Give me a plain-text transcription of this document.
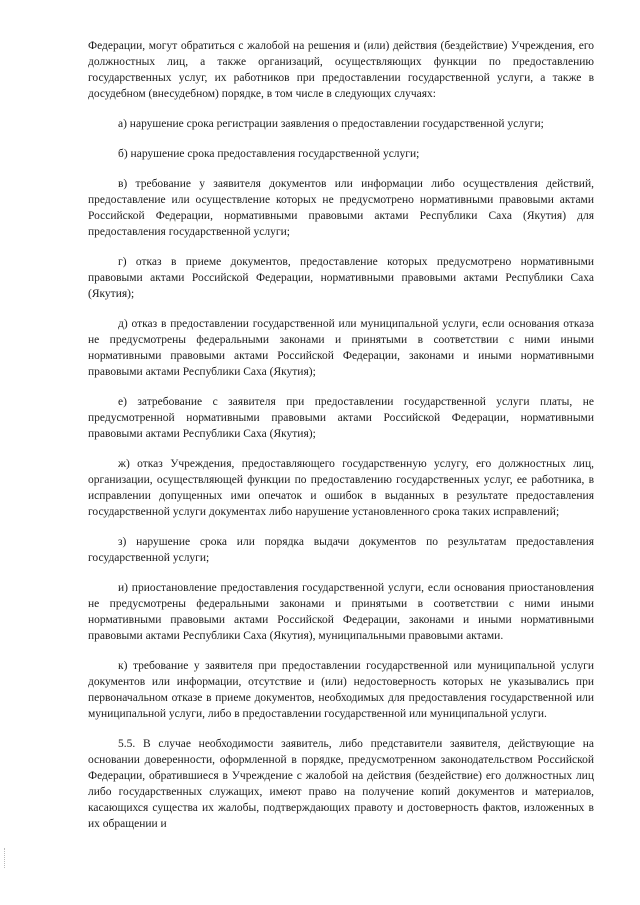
Федерации, могут обратиться с жалобой на решения и (или) действия (бездействие) Учреждения, его должностных лиц, а также организаций, осуществляющих функции по предоставлению государственных услуг, их работников при предоставлении государственной услуги, а также в досудебном (внесудебном) порядке, в том числе в следующих случаях:

а) нарушение срока регистрации заявления о предоставлении государственной услуги;

б) нарушение срока предоставления государственной услуги;

в) требование у заявителя документов или информации либо осуществления действий, предоставление или осуществление которых не предусмотрено нормативными правовыми актами Российской Федерации, нормативными правовыми актами Республики Саха (Якутия) для предоставления государственной услуги;

г) отказ в приеме документов, предоставление которых предусмотрено нормативными правовыми актами Российской Федерации, нормативными правовыми актами Республики Саха (Якутия);

д) отказ в предоставлении государственной или муниципальной услуги, если основания отказа не предусмотрены федеральными законами и принятыми в соответствии с ними иными нормативными правовыми актами Российской Федерации, законами и иными нормативными правовыми актами Республики Саха (Якутия);

е) затребование с заявителя при предоставлении государственной услуги платы, не предусмотренной нормативными правовыми актами Российской Федерации, нормативными правовыми актами Республики Саха (Якутия);

ж) отказ Учреждения, предоставляющего государственную услугу, его должностных лиц, организации, осуществляющей функции по предоставлению государственных услуг, ее работника, в исправлении допущенных ими опечаток и ошибок в выданных в результате предоставления государственной услуги документах либо нарушение установленного срока таких исправлений;

з) нарушение срока или порядка выдачи документов по результатам предоставления государственной услуги;

и) приостановление предоставления государственной услуги, если основания приостановления не предусмотрены федеральными законами и принятыми в соответствии с ними иными нормативными правовыми актами Российской Федерации, законами и иными нормативными правовыми актами Республики Саха (Якутия), муниципальными правовыми актами.

к) требование у заявителя при предоставлении государственной или муниципальной услуги документов или информации, отсутствие и (или) недостоверность которых не указывались при первоначальном отказе в приеме документов, необходимых для предоставления государственной или муниципальной услуги, либо в предоставлении государственной или муниципальной услуги.

5.5. В случае необходимости заявитель, либо представители заявителя, действующие на основании доверенности, оформленной в порядке, предусмотренном законодательством Российской Федерации, обратившиеся в Учреждение с жалобой на действия (бездействие) его должностных лиц либо государственных служащих, имеют право на получение копий документов и материалов, касающихся существа их жалобы, подтверждающих правоту и достоверность фактов, изложенных в их обращении и
